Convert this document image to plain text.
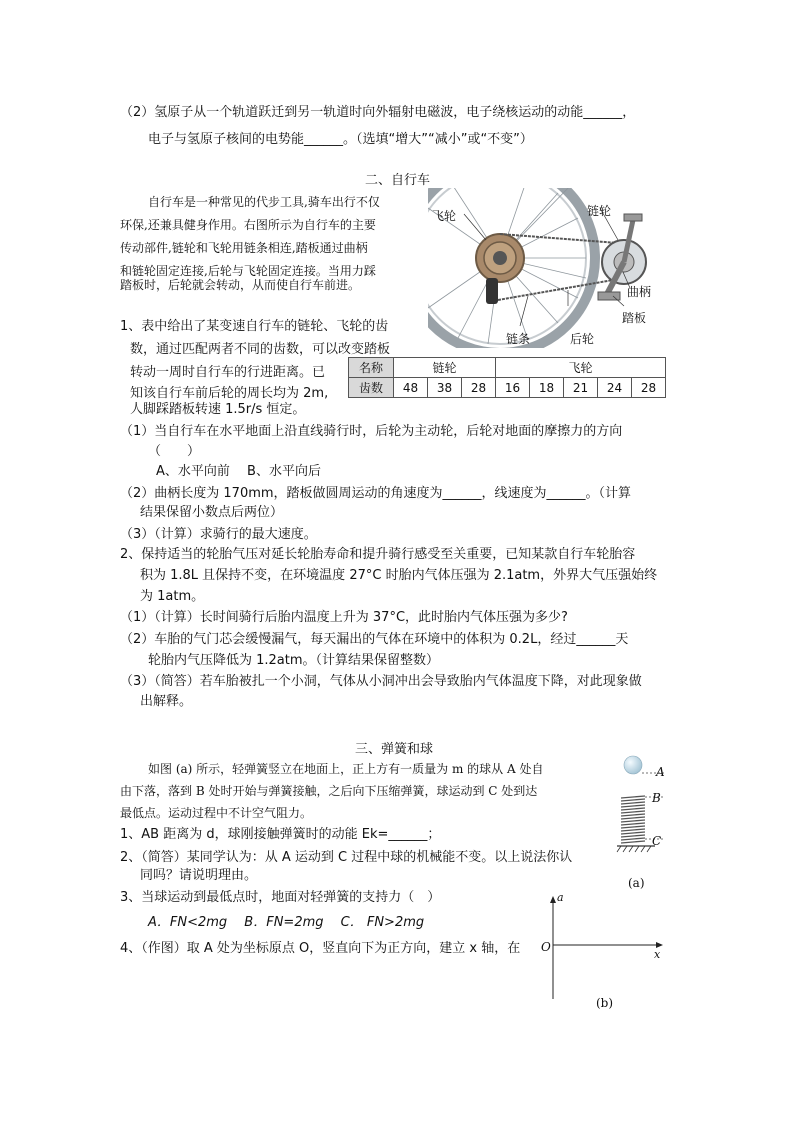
（2）氢原子从一个轨道跃迁到另一轨道时向外辐射电磁波，电子绕核运动的动能______，
电子与氢原子核间的电势能______。（选填“增大”“减小”或“不变”）
二、自行车
自行车是一种常见的代步工具,骑车出行不仅
环保,还兼具健身作用。右图所示为自行车的主要
传动部件,链轮和飞轮用链条相连,踏板通过曲柄
和链轮固定连接,后轮与飞轮固定连接。当用力踩
踏板时，后轮就会转动，从而使自行车前进。
飞轮	链轮
曲柄
踏板
链条	后轮
1、表中给出了某变速自行车的链轮、飞轮的齿
数，通过匹配两者不同的齿数，可以改变踏板
转动一周时自行车的行进距离。已
知该自行车前后轮的周长均为 2m,
人脚踩踏板转速 1.5r/s 恒定。
名称	链轮			飞轮				
齿数	48	38	28	16	18	21	24	28
（1）当自行车在水平地面上沿直线骑行时，后轮为主动轮，后轮对地面的摩擦力的方向
（　　）
A、水平向前　 B、水平向后
（2）曲柄长度为 170mm，踏板做圆周运动的角速度为______，线速度为______。（计算
结果保留小数点后两位）
（3）（计算）求骑行的最大速度。
2、保持适当的轮胎气压对延长轮胎寿命和提升骑行感受至关重要，已知某款自行车轮胎容
积为 1.8L 且保持不变，在环境温度 27°C 时胎内气体压强为 2.1atm，外界大气压强始终
为 1atm。
（1）（计算）长时间骑行后胎内温度上升为 37°C，此时胎内气体压强为多少?
（2）车胎的气门芯会缓慢漏气，每天漏出的气体在环境中的体积为 0.2L，经过______天
轮胎内气压降低为 1.2atm。（计算结果保留整数）
（3）（简答）若车胎被扎一个小洞，气体从小洞冲出会导致胎内气体温度下降，对此现象做
出解释。
三、弹簧和球
如图 (a) 所示，轻弹簧竖立在地面上，正上方有一质量为 m 的球从 A 处自
由下落，落到 B 处时开始与弹簧接触，之后向下压缩弹簧，球运动到 C 处到达
最低点。运动过程中不计空气阻力。
1、AB 距离为 d，球刚接触弹簧时的动能 Ek=______；
2、（简答）某同学认为：从 A 运动到 C 过程中球的机械能不变。以上说法你认
同吗？请说明理由。
3、当球运动到最低点时，地面对轻弹簧的支持力（　）
A．FN<2mg　 B．FN=2mg　 C． FN>2mg
4、（作图）取 A 处为坐标原点 O，竖直向下为正方向，建立 x 轴，在
A
B
C
(a)
a
x
O
(b)
